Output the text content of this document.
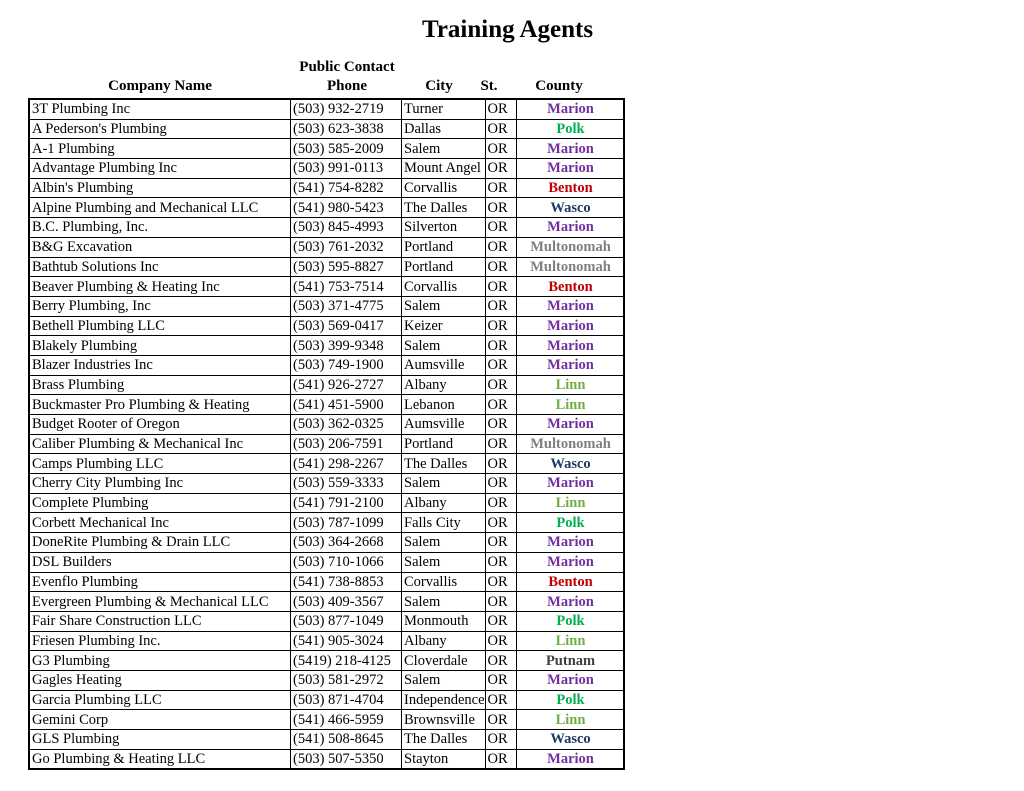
Training Agents
Company Name
Public Contact
Phone	City	St.	County
3T Plumbing Inc	(503) 932-2719	Turner	OR	Marion
A Pederson's Plumbing	(503) 623-3838	Dallas	OR	Polk
A-1 Plumbing	(503) 585-2009	Salem	OR	Marion
Advantage Plumbing Inc	(503) 991-0113	Mount Angel	OR	Marion
Albin's Plumbing	(541) 754-8282	Corvallis	OR	Benton
Alpine Plumbing and Mechanical LLC	(541) 980-5423	The Dalles	OR	Wasco
B.C. Plumbing, Inc.	(503) 845-4993	Silverton	OR	Marion
B&G Excavation	(503) 761-2032	Portland	OR	Multonomah
Bathtub Solutions Inc	(503) 595-8827	Portland	OR	Multonomah
Beaver Plumbing & Heating Inc	(541) 753-7514	Corvallis	OR	Benton
Berry Plumbing, Inc	(503) 371-4775	Salem	OR	Marion
Bethell Plumbing LLC	(503) 569-0417	Keizer	OR	Marion
Blakely Plumbing	(503) 399-9348	Salem	OR	Marion
Blazer Industries Inc	(503) 749-1900	Aumsville	OR	Marion
Brass Plumbing	(541) 926-2727	Albany	OR	Linn
Buckmaster Pro Plumbing & Heating	(541) 451-5900	Lebanon	OR	Linn
Budget Rooter of Oregon	(503) 362-0325	Aumsville	OR	Marion
Caliber Plumbing & Mechanical Inc	(503) 206-7591	Portland	OR	Multonomah
Camps Plumbing LLC	(541) 298-2267	The Dalles	OR	Wasco
Cherry City Plumbing Inc	(503) 559-3333	Salem	OR	Marion
Complete Plumbing	(541) 791-2100	Albany	OR	Linn
Corbett Mechanical Inc	(503) 787-1099	Falls City	OR	Polk
DoneRite Plumbing & Drain LLC	(503) 364-2668	Salem	OR	Marion
DSL Builders	(503) 710-1066	Salem	OR	Marion
Evenflo Plumbing	(541) 738-8853	Corvallis	OR	Benton
Evergreen Plumbing & Mechanical LLC	(503) 409-3567	Salem	OR	Marion
Fair Share Construction LLC	(503) 877-1049	Monmouth	OR	Polk
Friesen Plumbing Inc.	(541) 905-3024	Albany	OR	Linn
G3 Plumbing	(5419) 218-4125	Cloverdale	OR	Putnam
Gagles Heating	(503) 581-2972	Salem	OR	Marion
Garcia Plumbing LLC	(503) 871-4704	Independence	OR	Polk
Gemini Corp	(541) 466-5959	Brownsville	OR	Linn
GLS Plumbing	(541) 508-8645	The Dalles	OR	Wasco
Go Plumbing & Heating LLC	(503) 507-5350	Stayton	OR	Marion
